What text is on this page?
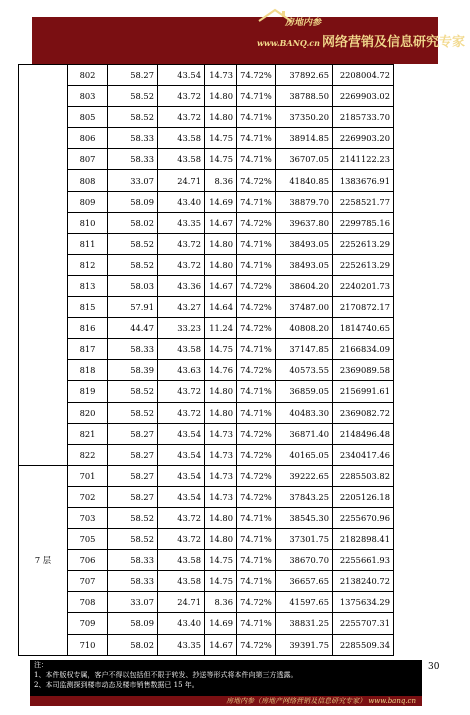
房地内参
www.BANQ.cn 网络营销及信息研究专家
	802	58.27	43.54	14.73	74.72%	37892.65	2208004.72
	803	58.52	43.72	14.80	74.71%	38788.50	2269903.02
	805	58.52	43.72	14.80	74.71%	37350.20	2185733.70
	806	58.33	43.58	14.75	74.71%	38914.85	2269903.20
	807	58.33	43.58	14.75	74.71%	36707.05	2141122.23
	808	33.07	24.71	8.36	74.72%	41840.85	1383676.91
	809	58.09	43.40	14.69	74.71%	38879.70	2258521.77
	810	58.02	43.35	14.67	74.72%	39637.80	2299785.16
	811	58.52	43.72	14.80	74.71%	38493.05	2252613.29
	812	58.52	43.72	14.80	74.71%	38493.05	2252613.29
	813	58.03	43.36	14.67	74.72%	38604.20	2240201.73
	815	57.91	43.27	14.64	74.72%	37487.00	2170872.17
	816	44.47	33.23	11.24	74.72%	40808.20	1814740.65
	817	58.33	43.58	14.75	74.71%	37147.85	2166834.09
	818	58.39	43.63	14.76	74.72%	40573.55	2369089.58
	819	58.52	43.72	14.80	74.71%	36859.05	2156991.61
	820	58.52	43.72	14.80	74.71%	40483.30	2369082.72
	821	58.27	43.54	14.73	74.72%	36871.40	2148496.48
	822	58.27	43.54	14.73	74.72%	40165.05	2340417.46
7 层	701	58.27	43.54	14.73	74.72%	39222.65	2285503.82
	702	58.27	43.54	14.73	74.72%	37843.25	2205126.18
	703	58.52	43.72	14.80	74.71%	38545.30	2255670.96
	705	58.52	43.72	14.80	74.71%	37301.75	2182898.41
	706	58.33	43.58	14.75	74.71%	38670.70	2255661.93
	707	58.33	43.58	14.75	74.71%	36657.65	2138240.72
	708	33.07	24.71	8.36	74.72%	41597.65	1375634.29
	709	58.09	43.40	14.69	74.71%	38831.25	2255707.31
	710	58.02	43.35	14.67	74.72%	39391.75	2285509.34
注：
1、本件版权专属，客户不得以包括但不限于转发、抄送等形式将本件向第三方透露。
2、本司监测探到楼市动态及楼市销售数据已 15 年。
30
房地内参（房地产网络营销及信息研究专家） www.banq.cn
